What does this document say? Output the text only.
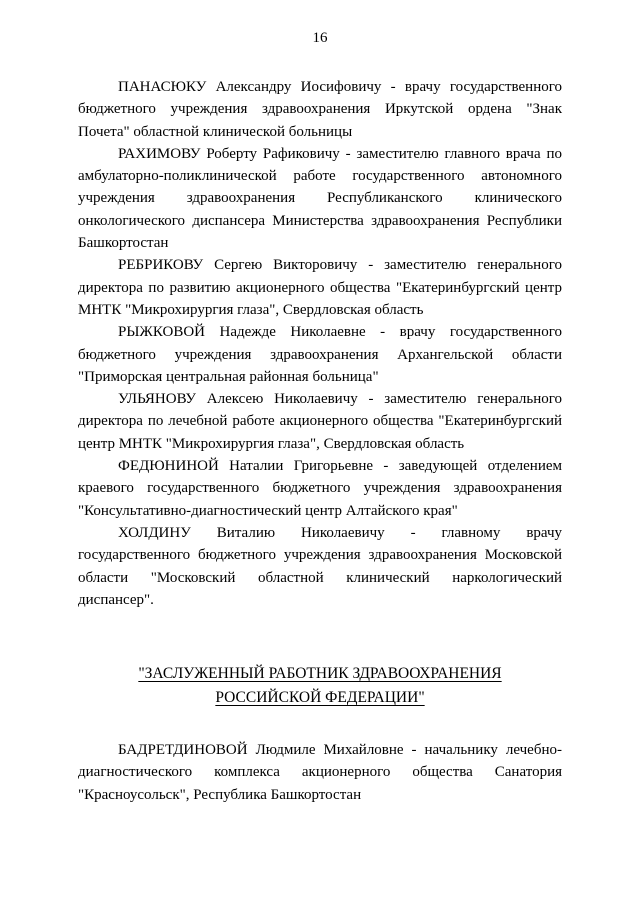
16

ПАНАСЮКУ Александру Иосифовичу - врачу государственного бюджетного учреждения здравоохранения Иркутской ордена "Знак Почета" областной клинической больницы

РАХИМОВУ Роберту Рафиковичу - заместителю главного врача по амбулаторно-поликлинической работе государственного автономного учреждения здравоохранения Республиканского клинического онкологического диспансера Министерства здравоохранения Республики Башкортостан

РЕБРИКОВУ Сергею Викторовичу - заместителю генерального директора по развитию акционерного общества "Екатеринбургский центр МНТК "Микрохирургия глаза", Свердловская область

РЫЖКОВОЙ Надежде Николаевне - врачу государственного бюджетного учреждения здравоохранения Архангельской области "Приморская центральная районная больница"

УЛЬЯНОВУ Алексею Николаевичу - заместителю генерального директора по лечебной работе акционерного общества "Екатеринбургский центр МНТК "Микрохирургия глаза", Свердловская область

ФЕДЮНИНОЙ Наталии Григорьевне - заведующей отделением краевого государственного бюджетного учреждения здравоохранения "Консультативно-диагностический центр Алтайского края"

ХОЛДИНУ Виталию Николаевичу - главному врачу государственного бюджетного учреждения здравоохранения Московской области "Московский областной клинический наркологический диспансер".

"ЗАСЛУЖЕННЫЙ РАБОТНИК ЗДРАВООХРАНЕНИЯ
РОССИЙСКОЙ ФЕДЕРАЦИИ"

БАДРЕТДИНОВОЙ Людмиле Михайловне - начальнику лечебно-диагностического комплекса акционерного общества Санатория "Красноусольск", Республика Башкортостан
